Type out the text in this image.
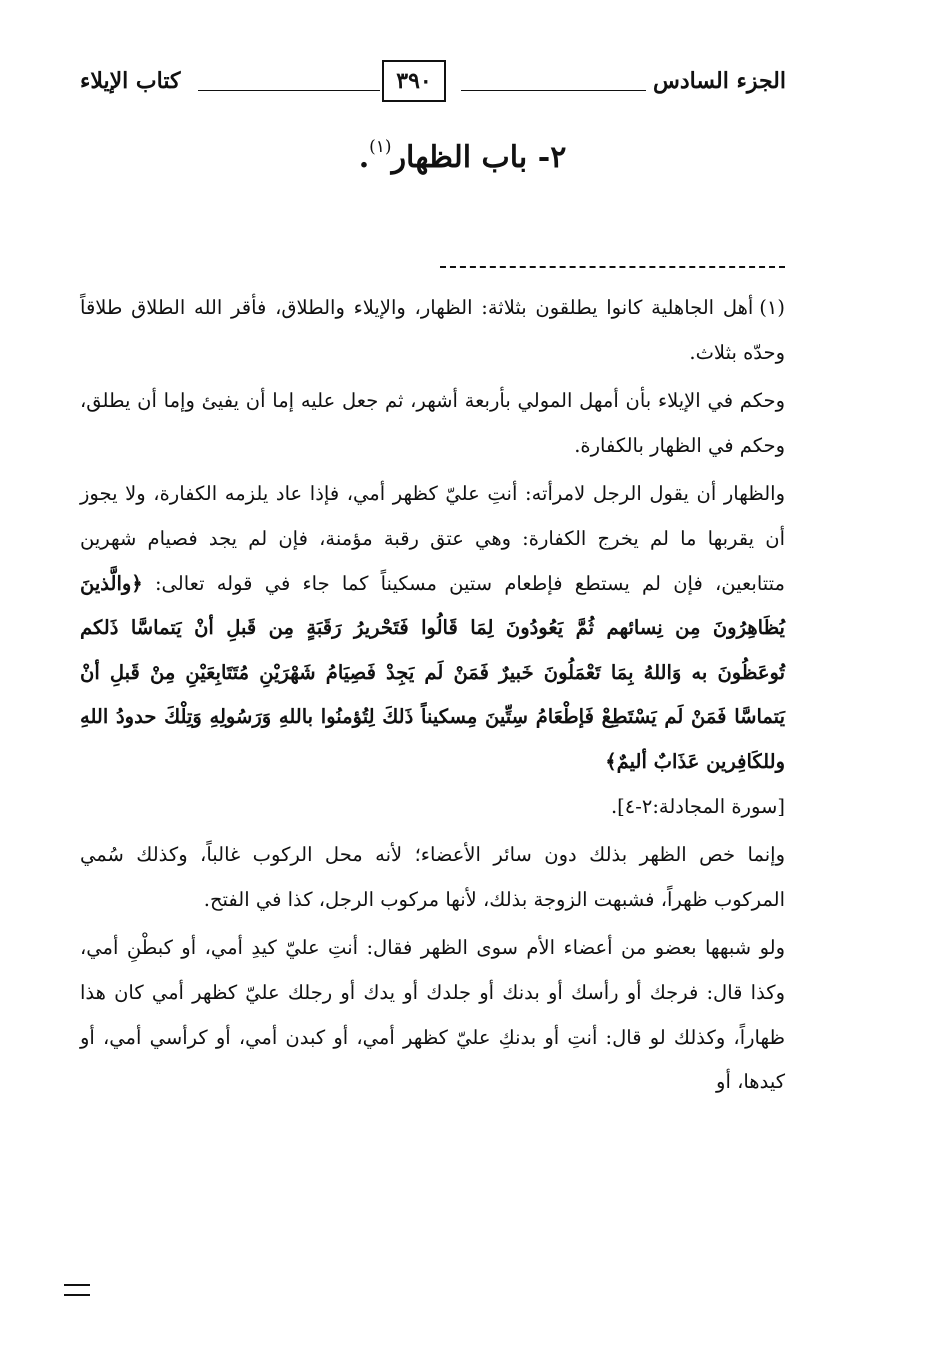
الجزء السادس
٣٩٠
كتاب الإيلاء
٢- باب الظهار$^{(١)}$.

(١)أهل الجاهلية كانوا يطلقون بثلاثة: الظهار، والإيلاء والطلاق، فأقر الله الطلاق طلاقاً وحدّه بثلاث.

وحكم في الإيلاء بأن أمهل المولي بأربعة أشهر، ثم جعل عليه إما أن يفيئ وإما أن يطلق، وحكم في الظهار بالكفارة.

والظهار أن يقول الرجل لامرأته: أنتِ عليّ كظهر أمي، فإذا عاد يلزمه الكفارة، ولا يجوز أن يقربها ما لم يخرج الكفارة: وهي عتق رقبة مؤمنة، فإن لم يجد فصيام شهرين متتابعين، فإن لم يستطع فإطعام ستين مسكيناً كما جاء في قوله تعالى: ﴿والَّذينَ يُظَاهِرُونَ مِن نِسائهم ثُمَّ يَعُودُونَ لِمَا قَالُوا فَتَحْريرُ رَقَبَةٍ مِن قَبلِ أنْ يَتماسَّا ذَلكم تُوعَظُونَ به وَاللهُ بِمَا تَعْمَلُونَ خَبيرٌ فَمَنْ لَم يَجِدْ فَصِيَامُ شَهْرَيْنِ مُتَتَابِعَيْنِ مِنْ قَبلِ أنْ يَتماسَّا فَمَنْ لَم يَسْتَطِعْ فَإطْعَامُ سِتِّينَ مِسكيناً ذَلكَ لِتُؤمنُوا باللهِ وَرَسُولِهِ وَتِلْكَ حدودُ اللهِ وللكَافِرين عَذَابٌ أليمٌ﴾
[سورة المجادلة:٢-٤].

وإنما خص الظهر بذلك دون سائر الأعضاء؛ لأنه محل الركوب غالباً، وكذلك سُمي المركوب ظهراً، فشبهت الزوجة بذلك، لأنها مركوب الرجل، كذا في الفتح.

ولو شبهها بعضو من أعضاء الأم سوى الظهر فقال: أنتِ عليّ كيدِ أمي، أو كبطْنِ أمي، وكذا قال: فرجك أو رأسك أو بدنك أو جلدك أو يدك أو رجلك عليّ كظهر أمي كان هذا ظهاراً، وكذلك لو قال: أنتِ أو بدنكِ عليّ كظهر أمي، أو كبدن أمي، أو كرأسي أمي، أو كيدها، أو
